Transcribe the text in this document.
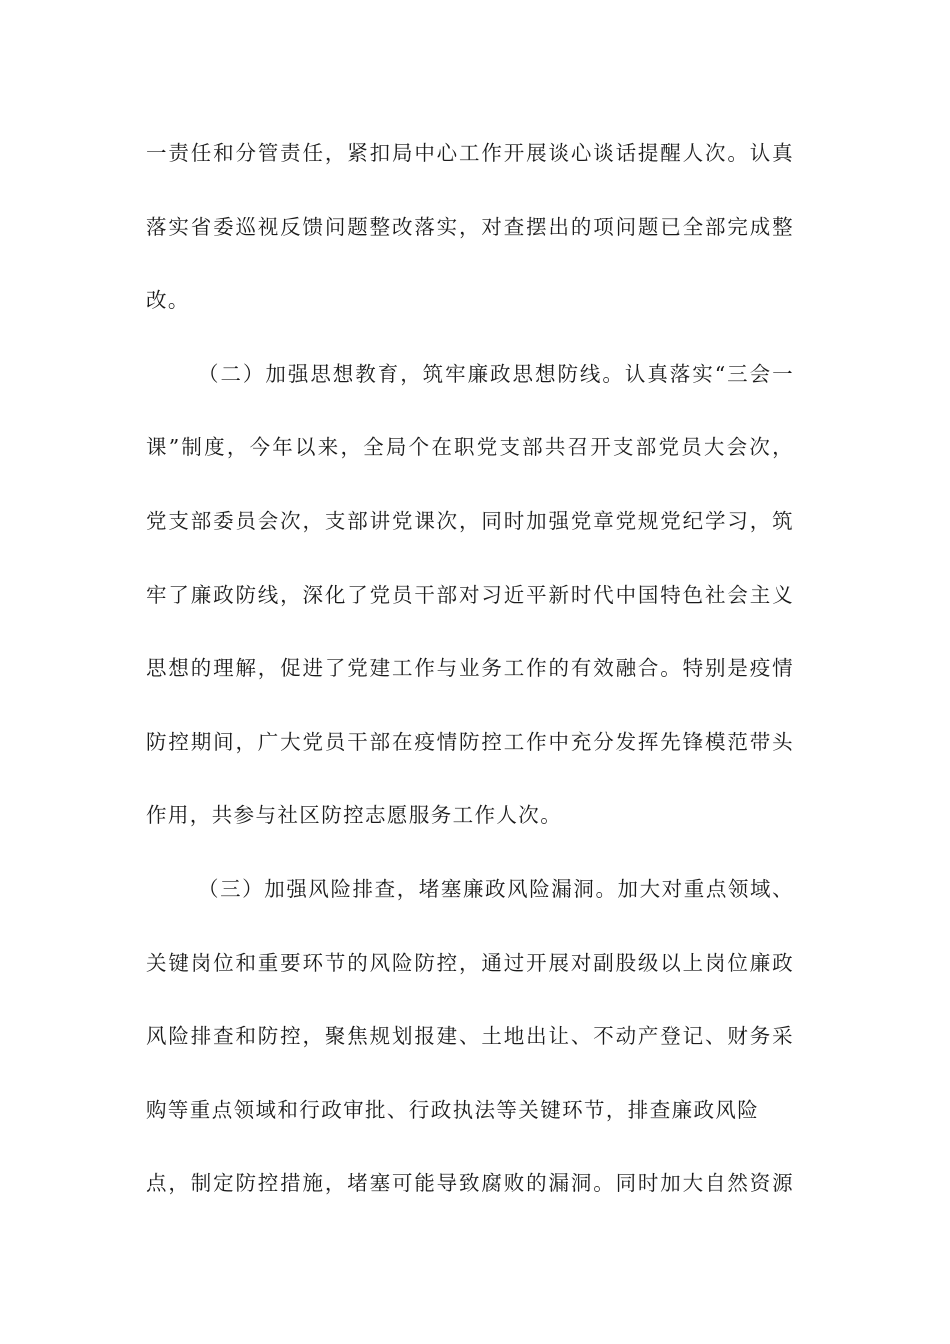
一责任和分管责任，紧扣局中心工作开展谈心谈话提醒人次。认真
落实省委巡视反馈问题整改落实，对查摆出的项问题已全部完成整
改。
（二）加强思想教育，筑牢廉政思想防线。认真落实“三会一
课”制度，今年以来，全局个在职党支部共召开支部党员大会次，
党支部委员会次，支部讲党课次，同时加强党章党规党纪学习，筑
牢了廉政防线，深化了党员干部对习近平新时代中国特色社会主义
思想的理解，促进了党建工作与业务工作的有效融合。特别是疫情
防控期间，广大党员干部在疫情防控工作中充分发挥先锋模范带头
作用，共参与社区防控志愿服务工作人次。
（三）加强风险排查，堵塞廉政风险漏洞。加大对重点领域、
关键岗位和重要环节的风险防控，通过开展对副股级以上岗位廉政
风险排查和防控，聚焦规划报建、土地出让、不动产登记、财务采
购等重点领域和行政审批、行政执法等关键环节，排查廉政风险
点，制定防控措施，堵塞可能导致腐败的漏洞。同时加大自然资源
